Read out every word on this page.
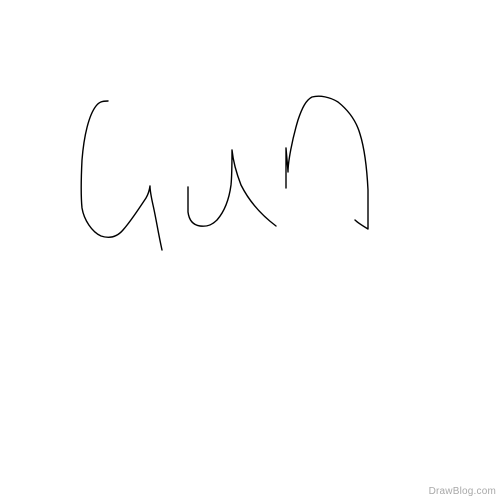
DrawBlog.com
